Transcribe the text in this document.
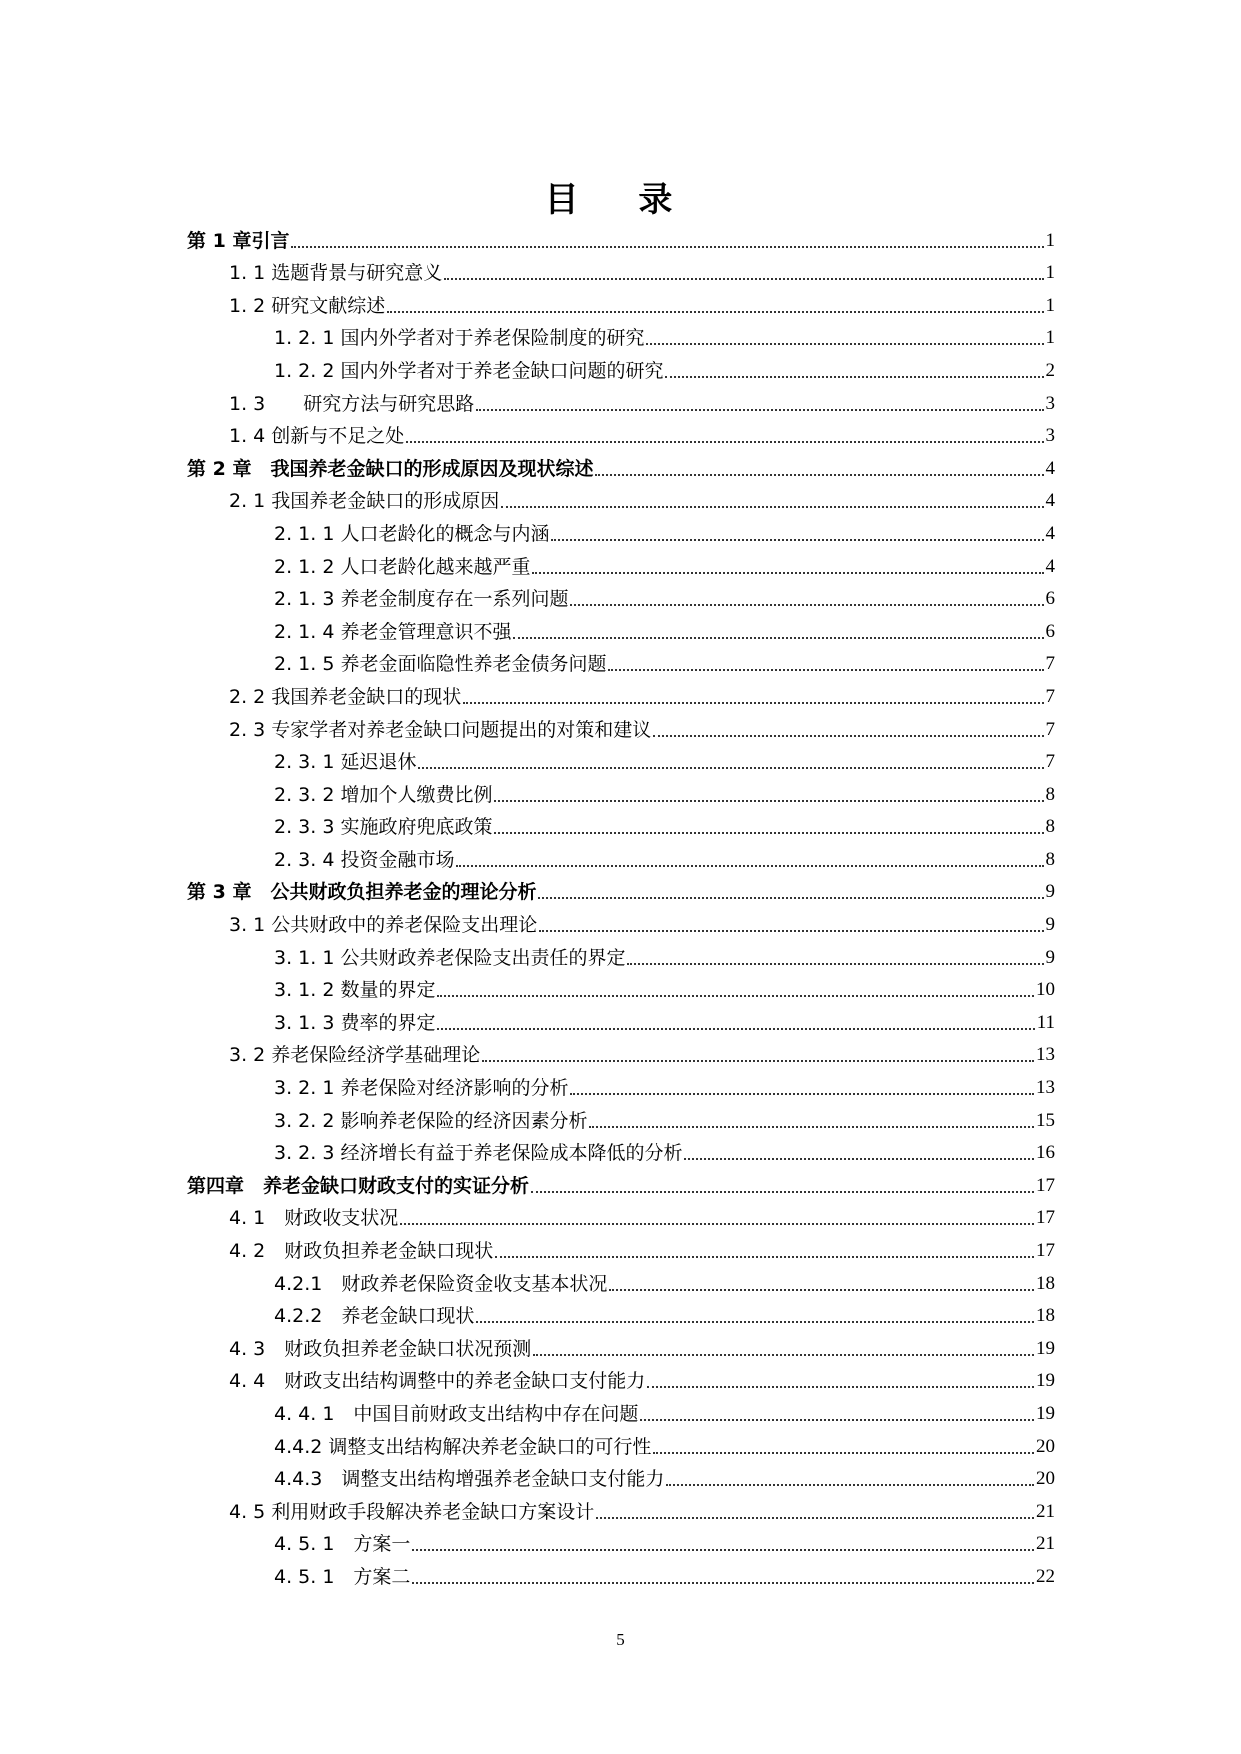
目 录
第 1 章引言	1
1. 1 选题背景与研究意义	1
1. 2 研究文献综述	1
1. 2. 1 国内外学者对于养老保险制度的研究	1
1. 2. 2 国内外学者对于养老金缺口问题的研究	2
1. 3　　研究方法与研究思路	3
1. 4 创新与不足之处	3
第 2 章　我国养老金缺口的形成原因及现状综述	4
2. 1 我国养老金缺口的形成原因	4
2. 1. 1 人口老龄化的概念与内涵	4
2. 1. 2 人口老龄化越来越严重	4
2. 1. 3 养老金制度存在一系列问题	6
2. 1. 4 养老金管理意识不强	6
2. 1. 5 养老金面临隐性养老金债务问题	7
2. 2 我国养老金缺口的现状	7
2. 3 专家学者对养老金缺口问题提出的对策和建议	7
2. 3. 1 延迟退休	7
2. 3. 2 增加个人缴费比例	8
2. 3. 3 实施政府兜底政策	8
2. 3. 4 投资金融市场	8
第 3 章　公共财政负担养老金的理论分析	9
3. 1 公共财政中的养老保险支出理论	9
3. 1. 1 公共财政养老保险支出责任的界定	9
3. 1. 2 数量的界定	10
3. 1. 3 费率的界定	11
3. 2 养老保险经济学基础理论	13
3. 2. 1 养老保险对经济影响的分析	13
3. 2. 2 影响养老保险的经济因素分析	15
3. 2. 3 经济增长有益于养老保险成本降低的分析	16
第四章　养老金缺口财政支付的实证分析	17
4. 1　财政收支状况	17
4. 2　财政负担养老金缺口现状	17
4.2.1　财政养老保险资金收支基本状况	18
4.2.2　养老金缺口现状	18
4. 3　财政负担养老金缺口状况预测	19
4. 4　财政支出结构调整中的养老金缺口支付能力	19
4. 4. 1　中国目前财政支出结构中存在问题	19
4.4.2 调整支出结构解决养老金缺口的可行性	20
4.4.3　调整支出结构增强养老金缺口支付能力	20
4. 5 利用财政手段解决养老金缺口方案设计	21
4. 5. 1　方案一	21
4. 5. 1　方案二	22
5
